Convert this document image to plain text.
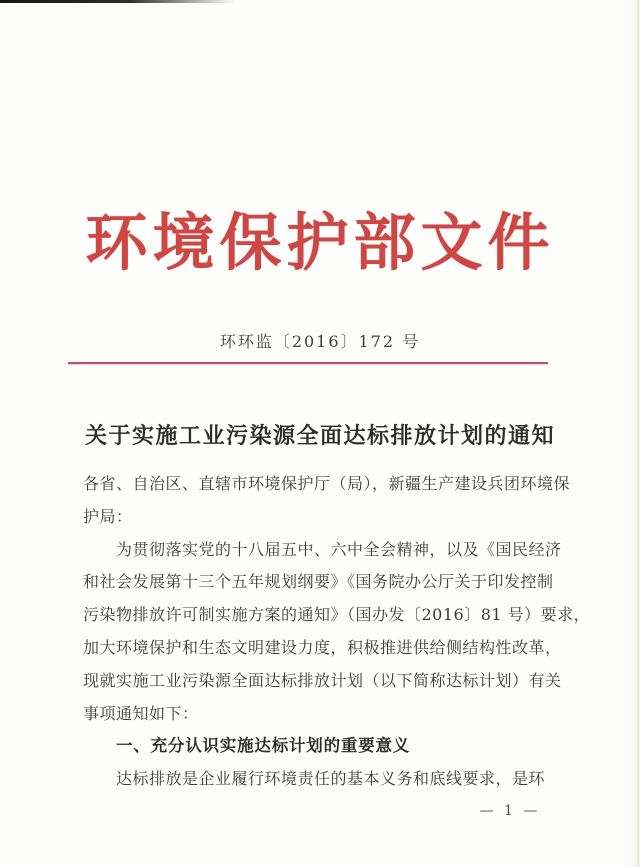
环境保护部文件
环环监〔2016〕172 号
关于实施工业污染源全面达标排放计划的通知
各省、自治区、直辖市环境保护厅（局），新疆生产建设兵团环境保
护局：
为贯彻落实党的十八届五中、六中全会精神，以及《国民经济
和社会发展第十三个五年规划纲要》《国务院办公厅关于印发控制
污染物排放许可制实施方案的通知》（国办发〔2016〕81 号）要求，
加大环境保护和生态文明建设力度，积极推进供给侧结构性改革，
现就实施工业污染源全面达标排放计划（以下简称达标计划）有关
事项通知如下：
一、充分认识实施达标计划的重要意义
达标排放是企业履行环境责任的基本义务和底线要求，是环
— 1 —
